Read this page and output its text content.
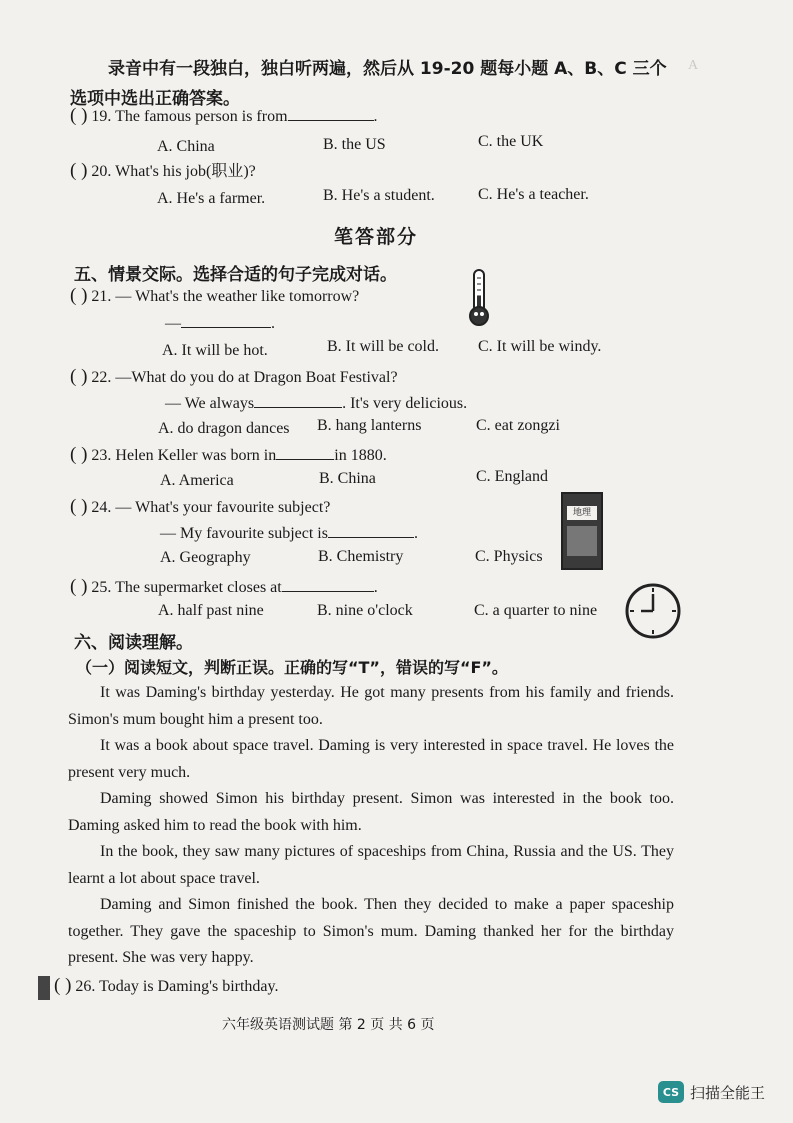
A
录音中有一段独白，独白听两遍，然后从 19-20 题每小题 A、B、C 三个
选项中选出正确答案。
( ) 19. The famous person is from	.
A. China	B. the US	C. the UK
( ) 20. What's his job(职业)?
A. He's a farmer.	B. He's a student.	C. He's a teacher.
笔答部分
五、情景交际。选择合适的句子完成对话。
( ) 21. — What's the weather like tomorrow?
—	.
A. It will be hot.	B. It will be cold. C. It will be windy.
( ) 22. —What do you do at Dragon Boat Festival?
— We always	. It's very delicious.
A. do dragon dances B. hang lanterns	C. eat zongzi
( ) 23. Helen Keller was born in	in 1880.
A. America	B. China	C. England
( ) 24. — What's your favourite subject?
— My favourite subject is	.
地理
A. Geography	B. Chemistry	C. Physics
( ) 25. The supermarket closes at	.
A. half past nine	B. nine o'clock	C. a quarter to nine
六、阅读理解。
（一）阅读短文，判断正误。正确的写“T”，错误的写“F”。
It was Daming's birthday yesterday. He got many presents from his family and friends. Simon's mum bought him a present too.
It was a book about space travel. Daming is very interested in space travel. He loves the present very much.
Daming showed Simon his birthday present. Simon was interested in the book too. Daming asked him to read the book with him.
In the book, they saw many pictures of spaceships from China, Russia and the US. They learnt a lot about space travel.
Daming and Simon finished the book. Then they decided to make a paper spaceship together. They gave the spaceship to Simon's mum. Daming thanked her for the birthday present. She was very happy.
( ) 26. Today is Daming's birthday.
六年级英语测试题 第 2 页 共 6 页
CS 扫描全能王
